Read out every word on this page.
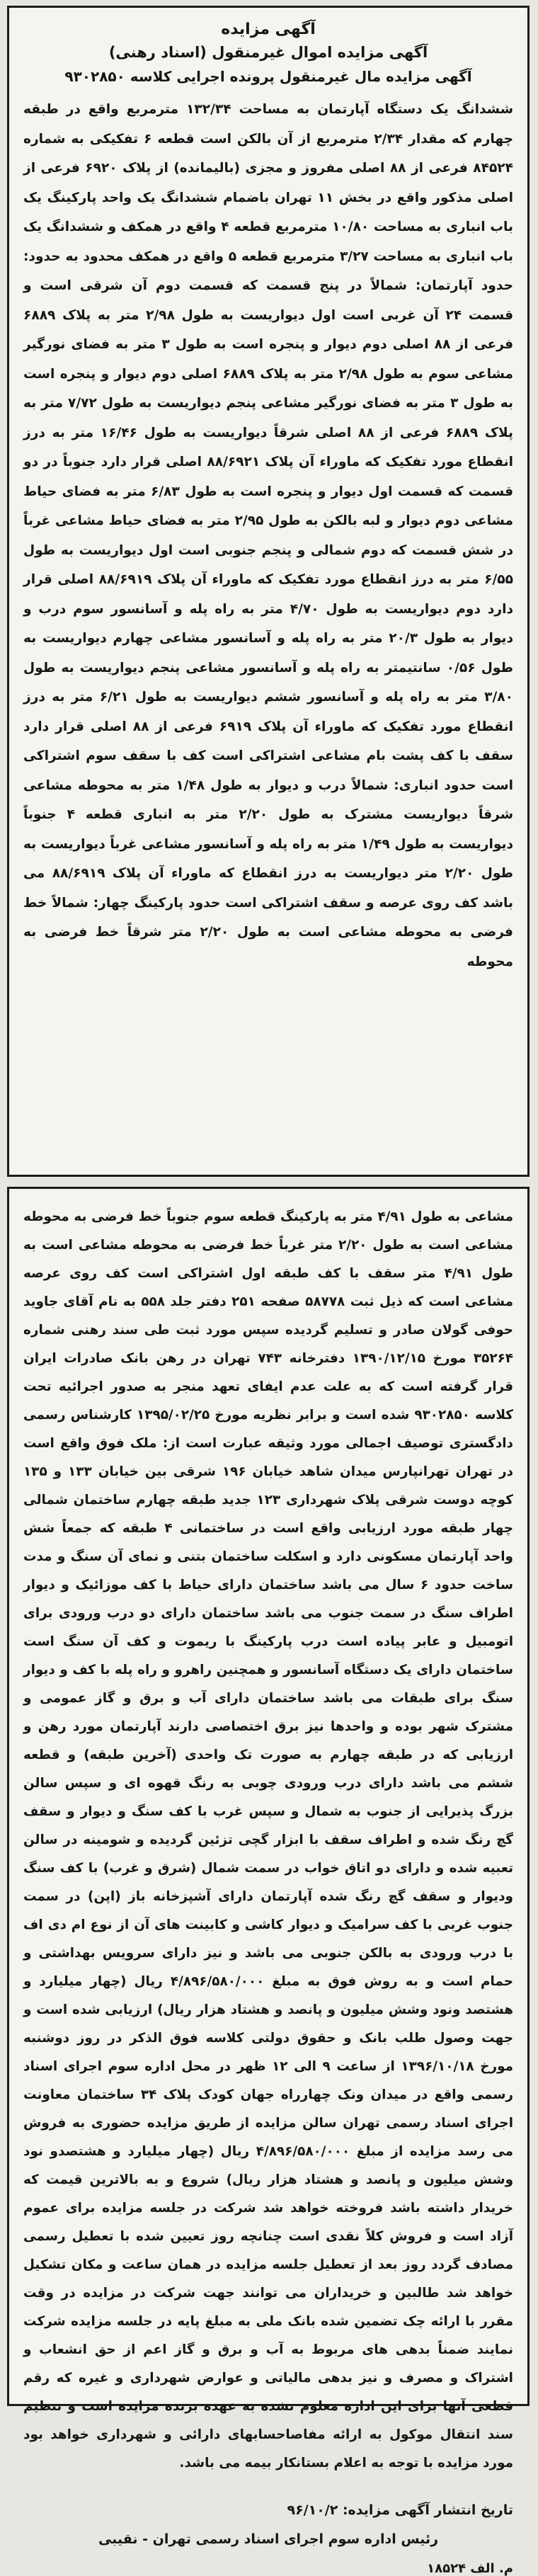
آگهی مزایده

آگهی مزایده اموال غیرمنقول (اسناد رهنی)

آگهی مزایده مال غیرمنقول پرونده اجرایی کلاسه ۹۳۰۲۸۵۰

ششدانگ یک دستگاه آپارتمان به مساحت ۱۳۲/۳۴ مترمربع واقع در طبقه چهارم که مقدار ۲/۳۴ مترمربع از آن بالکن است قطعه ۶ تفکیکی به شماره ۸۴۵۲۴ فرعی از ۸۸ اصلی مفروز و مجزی (بالیمانده) از پلاک ۶۹۲۰ فرعی از اصلی مذکور واقع در بخش ۱۱ تهران باضمام ششدانگ یک واحد پارکینگ یک باب انباری به مساحت ۱۰/۸۰ مترمربع قطعه ۴ واقع در همکف و ششدانگ یک باب انباری به مساحت ۳/۲۷ مترمربع قطعه ۵ واقع در همکف محدود به حدود: حدود آپارتمان: شمالاً در پنج قسمت که قسمت دوم آن شرقی است و قسمت ۲۴ آن غربی است اول دیواریست به طول ۲/۹۸ متر به پلاک ۶۸۸۹ فرعی از ۸۸ اصلی دوم دیوار و پنجره است به طول ۳ متر به فضای نورگیر مشاعی سوم به طول ۲/۹۸ متر به پلاک ۶۸۸۹ اصلی دوم دیوار و پنجره است به طول ۳ متر به فضای نورگیر مشاعی پنجم دیواریست به طول ۷/۷۲ متر به پلاک ۶۸۸۹ فرعی از ۸۸ اصلی شرقاً دیواریست به طول ۱۶/۴۶ متر به درز انقطاع مورد تفکیک که ماوراء آن پلاک ۸۸/۶۹۲۱ اصلی قرار دارد جنوباً در دو قسمت که قسمت اول دیوار و پنجره است به طول ۶/۸۳ متر به فضای حیاط مشاعی دوم دیوار و لبه بالکن به طول ۲/۹۵ متر به فضای حیاط مشاعی غرباً در شش قسمت که دوم شمالی و پنجم جنوبی است اول دیواریست به طول ۶/۵۵ متر به درز انقطاع مورد تفکیک که ماوراء آن پلاک ۸۸/۶۹۱۹ اصلی قرار دارد دوم دیواریست به طول ۴/۷۰ متر به راه پله و آسانسور سوم درب و دیوار به طول ۲۰/۳ متر به راه پله و آسانسور مشاعی چهارم دیواریست به طول ۰/۵۶ سانتیمتر به راه پله و آسانسور مشاعی پنجم دیواریست به طول ۳/۸۰ متر به راه پله و آسانسور ششم دیواریست به طول ۶/۲۱ متر به درز انقطاع مورد تفکیک که ماوراء آن پلاک ۶۹۱۹ فرعی از ۸۸ اصلی قرار دارد سقف با کف پشت بام مشاعی اشتراکی است کف با سقف سوم اشتراکی است حدود انباری: شمالاً درب و دیوار به طول ۱/۴۸ متر به محوطه مشاعی شرقاً دیواریست مشترک به طول ۲/۲۰ متر به انباری قطعه ۴ جنوباً دیواریست به طول ۱/۴۹ متر به راه پله و آسانسور مشاعی غرباً دیواریست به طول ۲/۲۰ متر دیواریست به درز انقطاع که ماوراء آن پلاک ۸۸/۶۹۱۹ می باشد کف روی عرصه و سقف اشتراکی است حدود پارکینگ چهار: شمالاً خط فرضی به محوطه مشاعی است به طول ۲/۲۰ متر شرقاً خط فرضی به محوطه

مشاعی به طول ۴/۹۱ متر به پارکینگ قطعه سوم جنوباً خط فرضی به محوطه مشاعی است به طول ۲/۲۰ متر غرباً خط فرضی به محوطه مشاعی است به طول ۴/۹۱ متر سقف با کف طبقه اول اشتراکی است کف روی عرصه مشاعی است که ذیل ثبت ۵۸۷۷۸ صفحه ۲۵۱ دفتر جلد ۵۵۸ به نام آقای جاوید حوفی گولان صادر و تسلیم گردیده سپس مورد ثبت طی سند رهنی شماره ۳۵۲۶۴ مورخ ۱۳۹۰/۱۲/۱۵ دفترخانه ۷۴۳ تهران در رهن بانک صادرات ایران قرار گرفته است که به علت عدم ایفای تعهد منجر به صدور اجرائیه تحت کلاسه ۹۳۰۲۸۵۰ شده است و برابر نظریه مورخ ۱۳۹۵/۰۲/۲۵ کارشناس رسمی دادگستری توصیف اجمالی مورد وثیقه عبارت است از: ملک فوق واقع است در تهران تهرانپارس میدان شاهد خیابان ۱۹۶ شرقی بین خیابان ۱۳۳ و ۱۳۵ کوچه دوست شرقی پلاک شهرداری ۱۲۳ جدید طبقه چهارم ساختمان شمالی چهار طبقه مورد ارزیابی واقع است در ساختمانی ۴ طبقه که جمعاً شش واحد آپارتمان مسکونی دارد و اسکلت ساختمان بتنی و نمای آن سنگ و مدت ساخت حدود ۶ سال می باشد ساختمان دارای حیاط با کف موزائیک و دیوار اطراف سنگ در سمت جنوب می باشد ساختمان دارای دو درب ورودی برای اتومبیل و عابر پیاده است درب پارکینگ با ریموت و کف آن سنگ است ساختمان دارای یک دستگاه آسانسور و همچنین راهرو و راه پله با کف و دیوار سنگ برای طبقات می باشد ساختمان دارای آب و برق و گاز عمومی و مشترک شهر بوده و واحدها نیز برق اختصاصی دارند آپارتمان مورد رهن و ارزیابی که در طبقه چهارم به صورت تک واحدی (آخرین طبقه) و قطعه ششم می باشد دارای درب ورودی چوبی به رنگ قهوه ای و سپس سالن بزرگ پذیرایی از جنوب به شمال و سپس غرب با کف سنگ و دیوار و سقف گچ رنگ شده و اطراف سقف با ابزار گچی تزئین گردیده و شومینه در سالن تعبیه شده و دارای دو اتاق خواب در سمت شمال (شرق و غرب) با کف سنگ ودیوار و سقف گچ رنگ شده آپارتمان دارای آشپزخانه باز (اپن) در سمت جنوب غربی با کف سرامیک و دیوار کاشی و کابینت های آن از نوع ام دی اف با درب ورودی به بالکن جنوبی می باشد و نیز دارای سرویس بهداشتی و حمام است و به روش فوق به مبلغ ۴/۸۹۶/۵۸۰/۰۰۰ ریال (چهار میلیارد و هشتصد ونود وشش میلیون و پانصد و هشتاد هزار ریال) ارزیابی شده است و جهت وصول طلب بانک و حقوق دولتی کلاسه فوق الذکر در روز دوشنبه مورخ ۱۳۹۶/۱۰/۱۸ از ساعت ۹ الی ۱۲ ظهر در محل اداره سوم اجرای اسناد رسمی واقع در میدان ونک چهارراه جهان کودک پلاک ۳۴ ساختمان معاونت اجرای اسناد رسمی تهران سالن مزایده از طریق مزایده حضوری به فروش می رسد مزایده از مبلغ ۴/۸۹۶/۵۸۰/۰۰۰ ریال (چهار میلیارد و هشتصدو نود وشش میلیون و پانصد و هشتاد هزار ریال) شروع و به بالاترین قیمت که خریدار داشته باشد فروخته خواهد شد شرکت در جلسه مزایده برای عموم آزاد است و فروش کلاً نقدی است چنانچه روز تعیین شده با تعطیل رسمی مصادف گردد روز بعد از تعطیل جلسه مزایده در همان ساعت و مکان تشکیل خواهد شد طالبین و خریداران می توانند جهت شرکت در مزایده در وقت مقرر با ارائه چک تضمین شده بانک ملی به مبلغ پایه در جلسه مزایده شرکت نمایند ضمناً بدهی های مربوط به آب و برق و گاز اعم از حق انشعاب و اشتراک و مصرف و نیز بدهی مالیاتی و عوارض شهرداری و غیره که رقم قطعی آنها برای این اداره معلوم نشده به عهده برنده مزایده است و تنظیم سند انتقال موکول به ارائه مفاصاحسابهای دارائی و شهرداری خواهد بود مورد مزایده با توجه به اعلام بستانکار بیمه می باشد.

تاریخ انتشار آگهی مزایده: ۹۶/۱۰/۲

رئیس اداره سوم اجرای اسناد رسمی تهران - نقیبی

م. الف ۱۸۵۲۴
